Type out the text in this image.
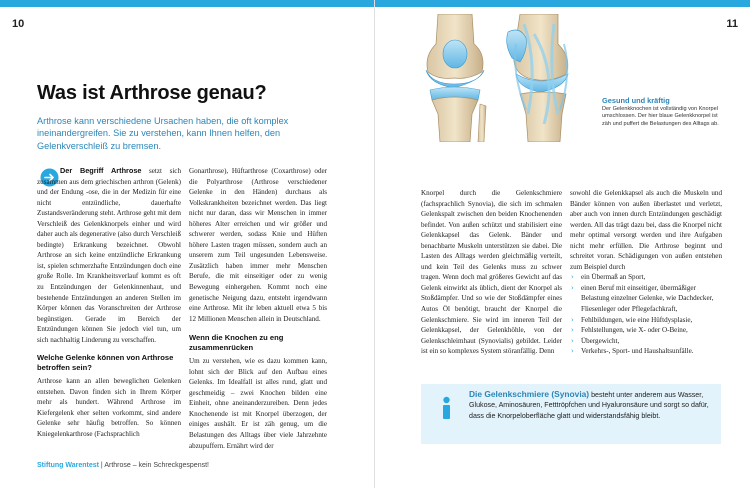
10
Was ist Arthrose genau?

Arthrose kann verschiedene Ursachen haben, die oft komplex ineinandergreifen. Sie zu verstehen, kann Ihnen helfen, den Gelenkverschleiß zu bremsen.

Der Begriff Arthrose setzt sich zusammen aus dem griechischen arthron (Gelenk) und der Endung -ose, die in der Medizin für eine nicht entzündliche, dauerhafte Zustandsveränderung steht. Arthrose geht mit dem Verschleiß des Gelenkknorpels einher und wird daher auch als degenerative (also durch Verschleiß bedingte) Erkrankung bezeichnet. Obwohl Arthrose an sich keine entzündliche Erkrankung ist, spielen schmerzhafte Entzündungen doch eine große Rolle. Im Krankheitsverlauf kommt es oft zu Entzündungen der Gelenkinnenhaut, und bestehende Entzündungen an anderen Stellen im Körper können das Voranschreiten der Arthrose begünstigen. Gerade im Bereich der Entzündungen können Sie jedoch viel tun, um sich nachhaltig Linderung zu verschaffen.

Welche Gelenke können von Arthrose betroffen sein?

Arthrose kann an allen beweglichen Gelenken entstehen. Davon finden sich in Ihrem Körper mehr als hundert. Während Arthrose im Kiefergelenk eher selten vorkommt, sind andere Gelenke sehr häufig betroffen. So können Kniegelenkarthrose (Fachsprachlich

Gonarthrose), Hüftarthrose (Coxarthrose) oder die Polyarthrose (Arthrose verschiedener Gelenke in den Händen) durchaus als Volkskrankheiten bezeichnet werden. Das liegt nicht nur daran, dass wir Menschen in immer höheres Alter erreichen und wir größer und schwerer werden, sodass Knie und Hüften höhere Lasten tragen müssen, sondern auch an unserem zum Teil ungesunden Lebensweise. Zusätzlich haben immer mehr Menschen Berufe, die mit einseitiger oder zu wenig Bewegung einhergehen. Kommt noch eine genetische Neigung dazu, entsteht irgendwann eine Arthrose. Mit ihr leben aktuell etwa 5 bis 12 Millionen Menschen allein in Deutschland.

Wenn die Knochen zu eng zusammenrücken

Um zu verstehen, wie es dazu kommen kann, lohnt sich der Blick auf den Aufbau eines Gelenks. Im Idealfall ist alles rund, glatt und geschmeidig – zwei Knochen bilden eine Einheit, ohne aneinanderzureiben. Denn jedes Knochenende ist mit Knorpel überzogen, der einiges aushält. Er ist zäh genug, um die Belastungen des Alltags über viele Jahrzehnte abzupuffern. Ernährt wird der

Stiftung Warentest | Arthrose – kein Schreckgespenst!
11

Gesund und kräftig

Der Gelenkknochen ist vollständig von Knorpel umschlossen. Der hier blaue Gelenkknorpel ist zäh und puffert die Belastungen des Alltags ab.

Knorpel durch die Gelenkschmiere (fachsprachlich Synovia), die sich im schmalen Gelenkspalt zwischen den beiden Knochenenden befindet. Von außen schützt und stabilisiert eine Gelenkkapsel das Gelenk. Bänder und benachbarte Muskeln unterstützen sie dabei. Die Lasten des Alltags werden gleichmäßig verteilt, und kein Teil des Gelenks muss zu schwer tragen. Wenn doch mal größeres Gewicht auf das Gelenk einwirkt als üblich, dient der Knorpel als Stoßdämpfer. Und so wie der Stoßdämpfer eines Autos Öl benötigt, braucht der Knorpel die Gelenkschmiere. Sie wird im inneren Teil der Gelenkkapsel, der Gelenkhöhle, von der Gelenkschleimhaut (Synovialis) gebildet. Leider ist ein so komplexes System störanfällig. Denn

sowohl die Gelenkkapsel als auch die Muskeln und Bänder können von außen überlastet und verletzt, aber auch von innen durch Entzündungen geschädigt werden. All das trägt dazu bei, dass die Knorpel nicht mehr optimal versorgt werden und ihre Aufgaben nicht mehr erfüllen. Die Arthrose beginnt und schreitet voran. Schädigungen von außen entstehen zum Beispiel durch

› ein Übermaß an Sport,
› einen Beruf mit einseitiger, übermäßiger Belastung einzelner Gelenke, wie Dachdecker, Fliesenleger oder Pflegefachkraft,
› Fehlbildungen, wie eine Hüftdysplasie,
› Fehlstellungen, wie X- oder O-Beine,
› Übergewicht,
› Verkehrs-, Sport- und Haushaltsunfälle.

Die Gelenkschmiere (Synovia) besteht unter anderem aus Wasser, Glukose, Aminosäuren, Fetttröpfchen und Hyaluronsäure und sorgt so dafür, dass die Knorpeloberfläche glatt und widerstandsfähig bleibt.
